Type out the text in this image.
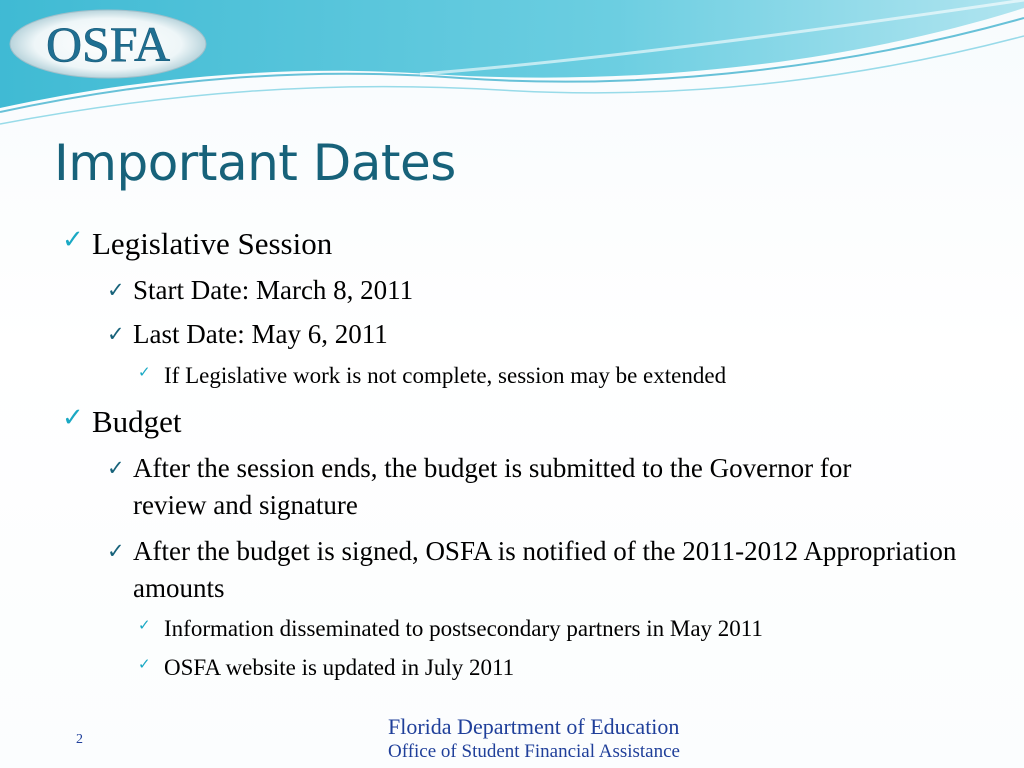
OSFA
Important Dates

✓ Legislative Session

✓ Start Date: March 8, 2011

✓ Last Date: May 6, 2011

✓ If Legislative work is not complete, session may be extended

✓ Budget

✓ After the session ends, the budget is submitted to the Governor for review and signature

✓ After the budget is signed, OSFA is notified of the 2011-2012 Appropriation amounts

✓ Information disseminated to postsecondary partners in May 2011

✓ OSFA website is updated in July 2011

Florida Department of Education
Office of Student Financial Assistance
2
